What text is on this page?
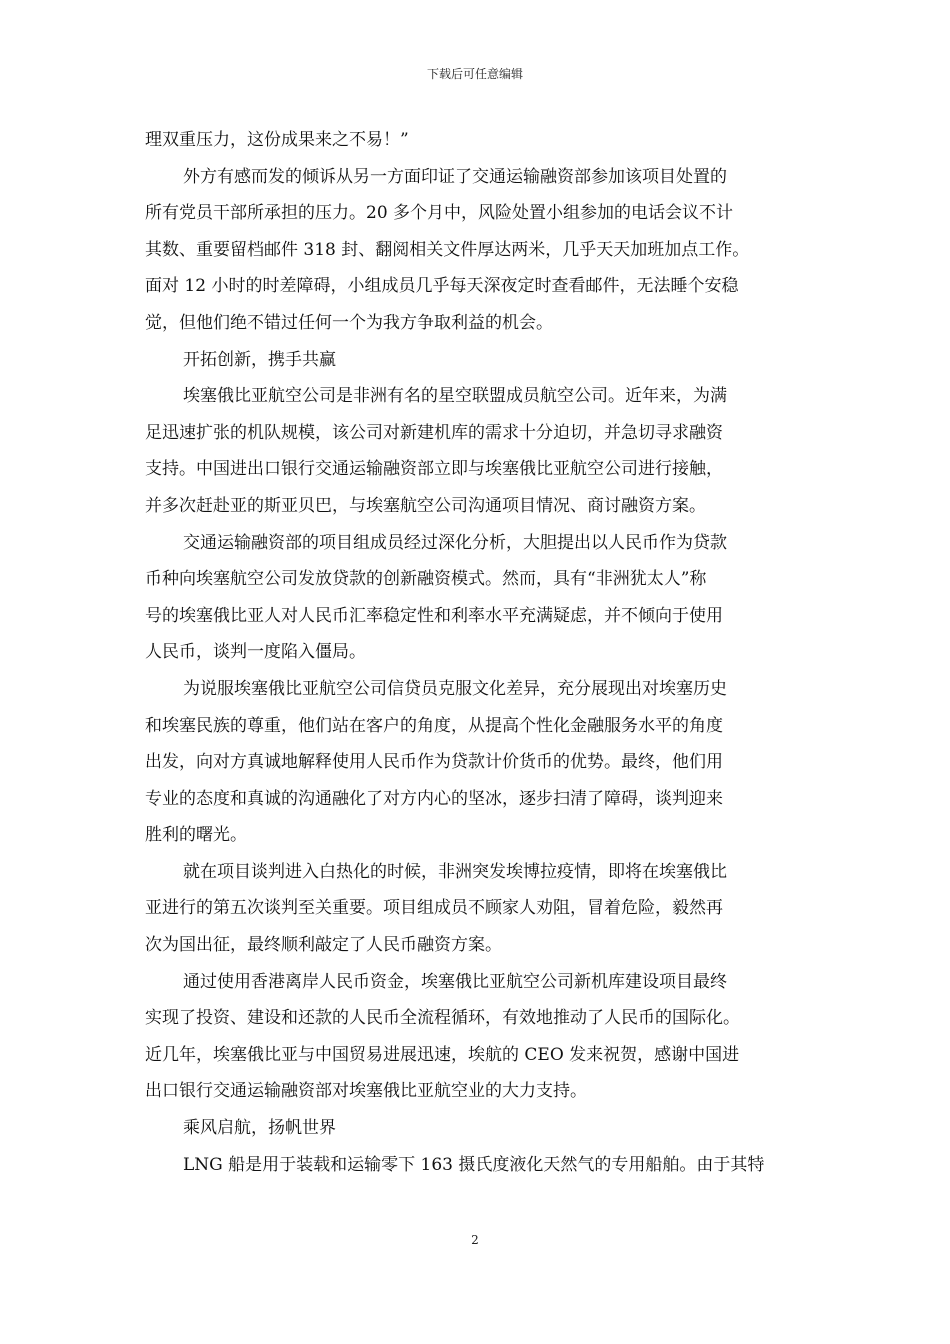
下载后可任意编辑
理双重压力，这份成果来之不易！”
外方有感而发的倾诉从另一方面印证了交通运输融资部参加该项目处置的
所有党员干部所承担的压力。20 多个月中，风险处置小组参加的电话会议不计
其数、重要留档邮件 318 封、翻阅相关文件厚达两米，几乎天天加班加点工作。
面对 12 小时的时差障碍，小组成员几乎每天深夜定时查看邮件，无法睡个安稳
觉，但他们绝不错过任何一个为我方争取利益的机会。
开拓创新，携手共赢
埃塞俄比亚航空公司是非洲有名的星空联盟成员航空公司。近年来，为满
足迅速扩张的机队规模，该公司对新建机库的需求十分迫切，并急切寻求融资
支持。中国进出口银行交通运输融资部立即与埃塞俄比亚航空公司进行接触，
并多次赶赴亚的斯亚贝巴，与埃塞航空公司沟通项目情况、商讨融资方案。
交通运输融资部的项目组成员经过深化分析，大胆提出以人民币作为贷款
币种向埃塞航空公司发放贷款的创新融资模式。然而，具有“非洲犹太人”称
号的埃塞俄比亚人对人民币汇率稳定性和利率水平充满疑虑，并不倾向于使用
人民币，谈判一度陷入僵局。
为说服埃塞俄比亚航空公司信贷员克服文化差异，充分展现出对埃塞历史
和埃塞民族的尊重，他们站在客户的角度，从提高个性化金融服务水平的角度
出发，向对方真诚地解释使用人民币作为贷款计价货币的优势。最终，他们用
专业的态度和真诚的沟通融化了对方内心的坚冰，逐步扫清了障碍，谈判迎来
胜利的曙光。
就在项目谈判进入白热化的时候，非洲突发埃博拉疫情，即将在埃塞俄比
亚进行的第五次谈判至关重要。项目组成员不顾家人劝阻，冒着危险，毅然再
次为国出征，最终顺利敲定了人民币融资方案。
通过使用香港离岸人民币资金，埃塞俄比亚航空公司新机库建设项目最终
实现了投资、建设和还款的人民币全流程循环，有效地推动了人民币的国际化。
近几年，埃塞俄比亚与中国贸易进展迅速，埃航的 CEO 发来祝贺，感谢中国进
出口银行交通运输融资部对埃塞俄比亚航空业的大力支持。
乘风启航，扬帆世界
LNG 船是用于装载和运输零下 163 摄氏度液化天然气的专用船舶。由于其特
2
